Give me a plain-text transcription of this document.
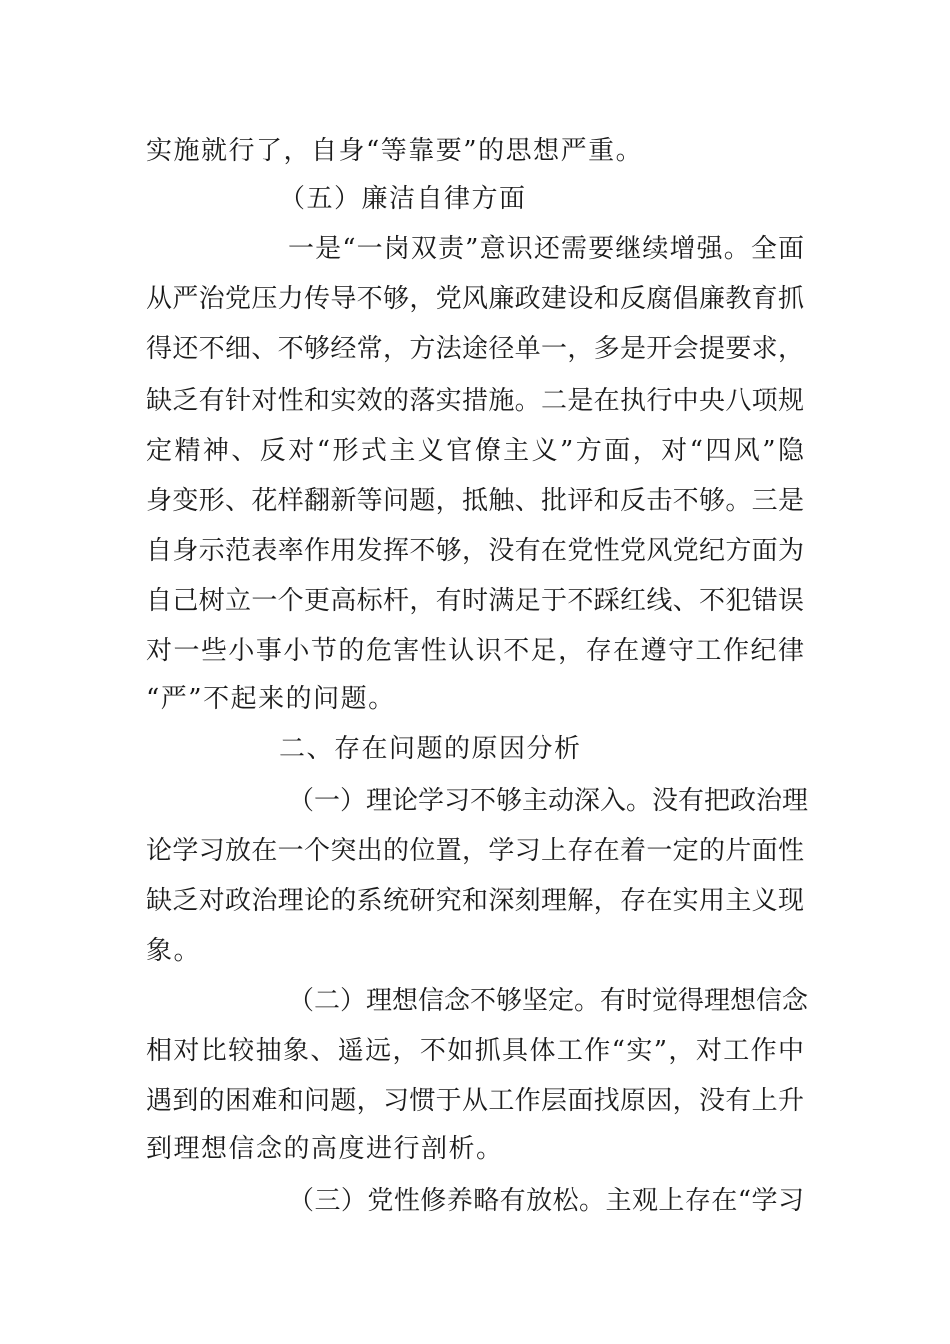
实施就行了，自身“等靠要”的思想严重。
（五）廉洁自律方面
一是“一岗双责”意识还需要继续增强。全面
从严治党压力传导不够，党风廉政建设和反腐倡廉教育抓
得还不细、不够经常，方法途径单一，多是开会提要求，
缺乏有针对性和实效的落实措施。二是在执行中央八项规
定精神、反对“形式主义官僚主义”方面，对“四风”隐
身变形、花样翻新等问题，抵触、批评和反击不够。三是
自身示范表率作用发挥不够，没有在党性党风党纪方面为
自己树立一个更高标杆，有时满足于不踩红线、不犯错误
对一些小事小节的危害性认识不足，存在遵守工作纪律
“严”不起来的问题。
二、存在问题的原因分析
（一）理论学习不够主动深入。没有把政治理
论学习放在一个突出的位置，学习上存在着一定的片面性
缺乏对政治理论的系统研究和深刻理解，存在实用主义现
象。
（二）理想信念不够坚定。有时觉得理想信念
相对比较抽象、遥远，不如抓具体工作“实”，对工作中
遇到的困难和问题，习惯于从工作层面找原因，没有上升
到理想信念的高度进行剖析。
（三）党性修养略有放松。主观上存在“学习
